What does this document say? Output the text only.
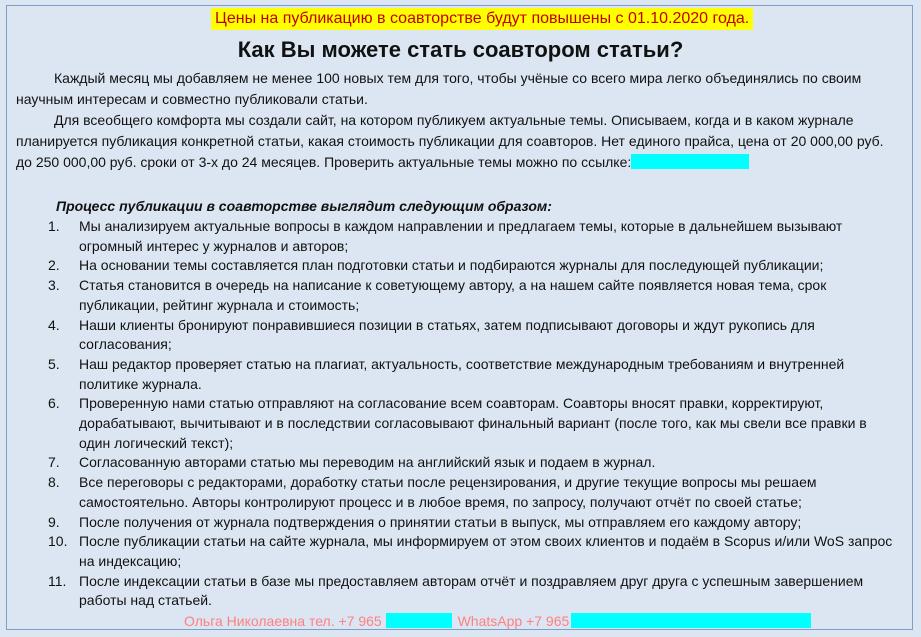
Цены на публикацию в соавторстве будут повышены с 01.10.2020 года.
Как Вы можете стать соавтором статьи?

Каждый месяц мы добавляем не менее 100 новых тем для того, чтобы учёные со всего мира легко объединялись по своим научным интересам и совместно публиковали статьи.

Для всеобщего комфорта мы создали сайт, на котором публикуем актуальные темы. Описываем, когда и в каком журнале планируется публикация конкретной статьи, какая стоимость публикации для соавторов. Нет единого прайса, цена от 20 000,00 руб. до 250 000,00 руб. сроки от 3-х до 24 месяцев. Проверить актуальные темы можно по ссылке:

Процесс публикации в соавторстве выглядит следующим образом:
1. Мы анализируем актуальные вопросы в каждом направлении и предлагаем темы, которые в дальнейшем вызывают огромный интерес у журналов и авторов;
2. На основании темы составляется план подготовки статьи и подбираются журналы для последующей публикации;
3. Статья становится в очередь на написание к советующему автору, а на нашем сайте появляется новая тема, срок публикации, рейтинг журнала и стоимость;
4. Наши клиенты бронируют понравившиеся позиции в статьях, затем подписывают договоры и ждут рукопись для согласования;
5. Наш редактор проверяет статью на плагиат, актуальность, соответствие международным требованиям и внутренней политике журнала.
6. Проверенную нами статью отправляют на согласование всем соавторам. Соавторы вносят правки, корректируют, дорабатывают, вычитывают и в последствии согласовывают финальный вариант (после того, как мы свели все правки в один логический текст);
7. Согласованную авторами статью мы переводим на английский язык и подаем в журнал.
8. Все переговоры с редакторами, доработку статьи после рецензирования, и другие текущие вопросы мы решаем самостоятельно. Авторы контролируют процесс и в любое время, по запросу, получают отчёт по своей статье;
9. После получения от журнала подтверждения о принятии статьи в выпуск, мы отправляем его каждому автору;
10. После публикации статьи на сайте журнала, мы информируем от этом своих клиентов и подаём в Scopus и/или WoS запрос на индексацию;
11. После индексации статьи в базе мы предоставляем авторам отчёт и поздравляем друг друга с успешным завершением работы над статьей.
Ольга Николаевна тел. +7 965	WhatsApp +7 965
